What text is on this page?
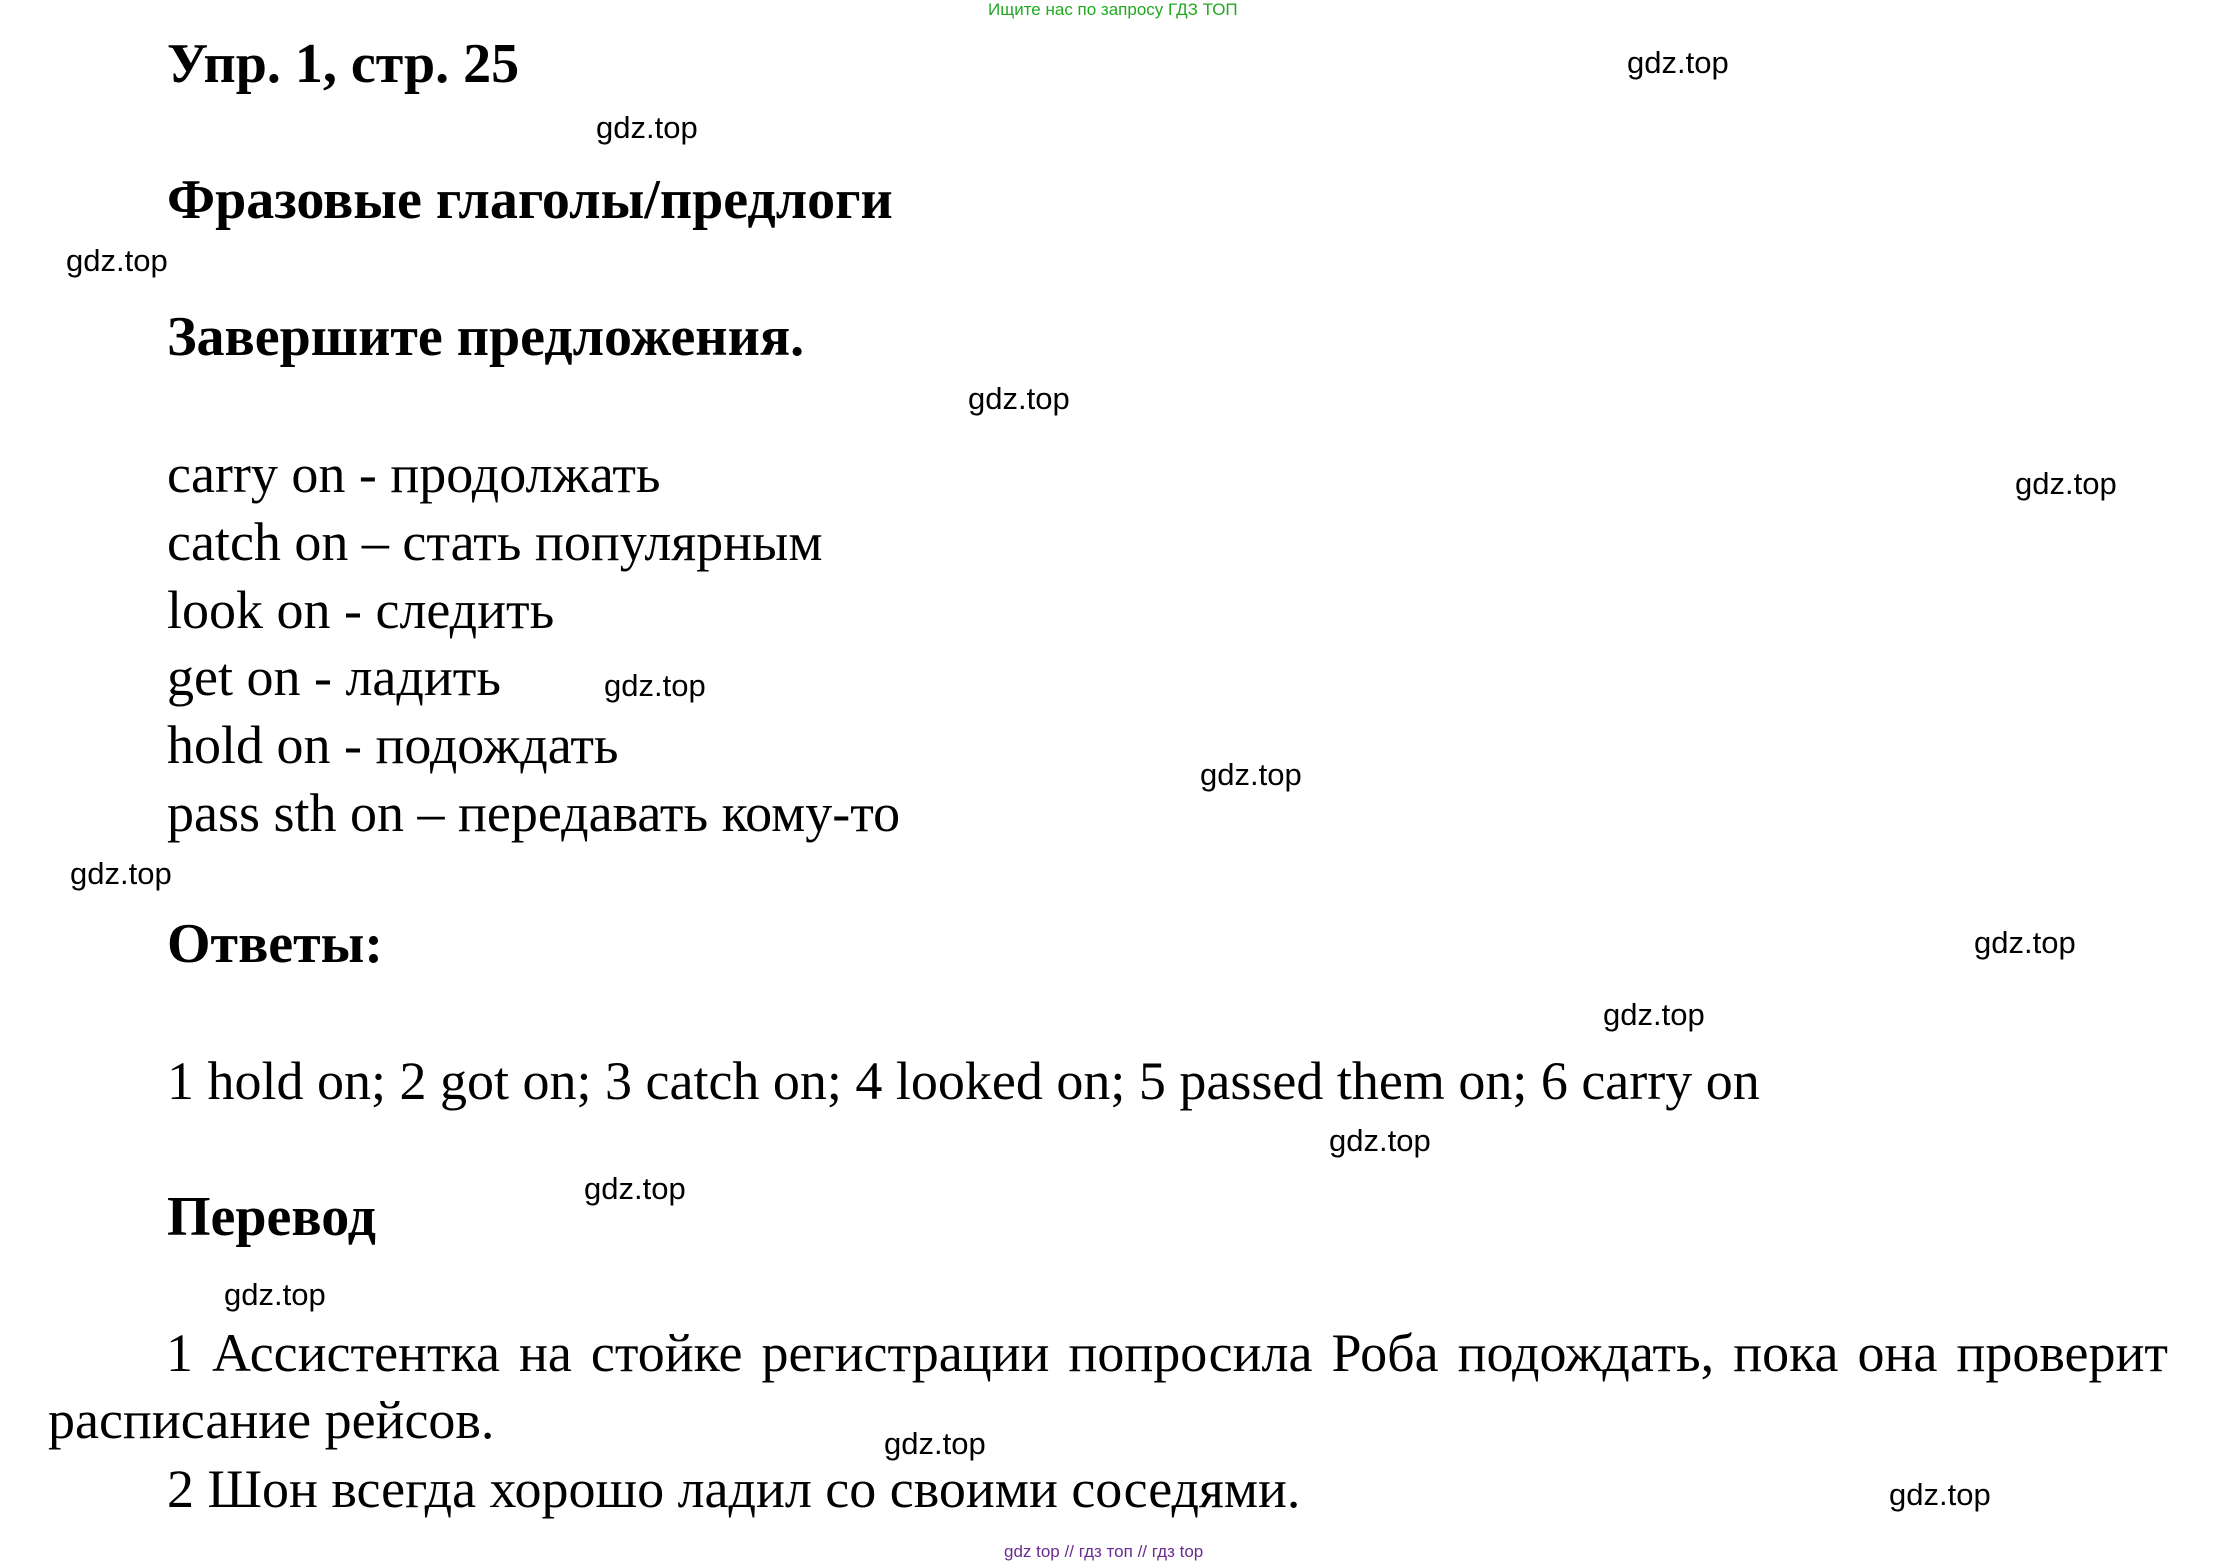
Ищите нас по запросу ГДЗ ТОП
Упр. 1, стр. 25
Фразовые глаголы/предлоги
Завершите предложения.
carry on - продолжать
catch on – стать популярным
look on - следить
get on - ладить
hold on - подождать
pass sth on – передавать кому-то
Ответы:
1 hold on; 2 got on; 3 catch on; 4 looked on; 5 passed them on; 6 carry on
Перевод

1 Ассистентка на стойке регистрации попросила Роба подождать, пока она проверит расписание рейсов.

2 Шон всегда хорошо ладил со своими соседями.
gdz.top
gdz.top
gdz.top
gdz.top
gdz.top
gdz.top
gdz.top
gdz.top
gdz.top
gdz.top
gdz.top
gdz.top
gdz.top
gdz.top
gdz.top
gdz top // гдз топ // гдз top
